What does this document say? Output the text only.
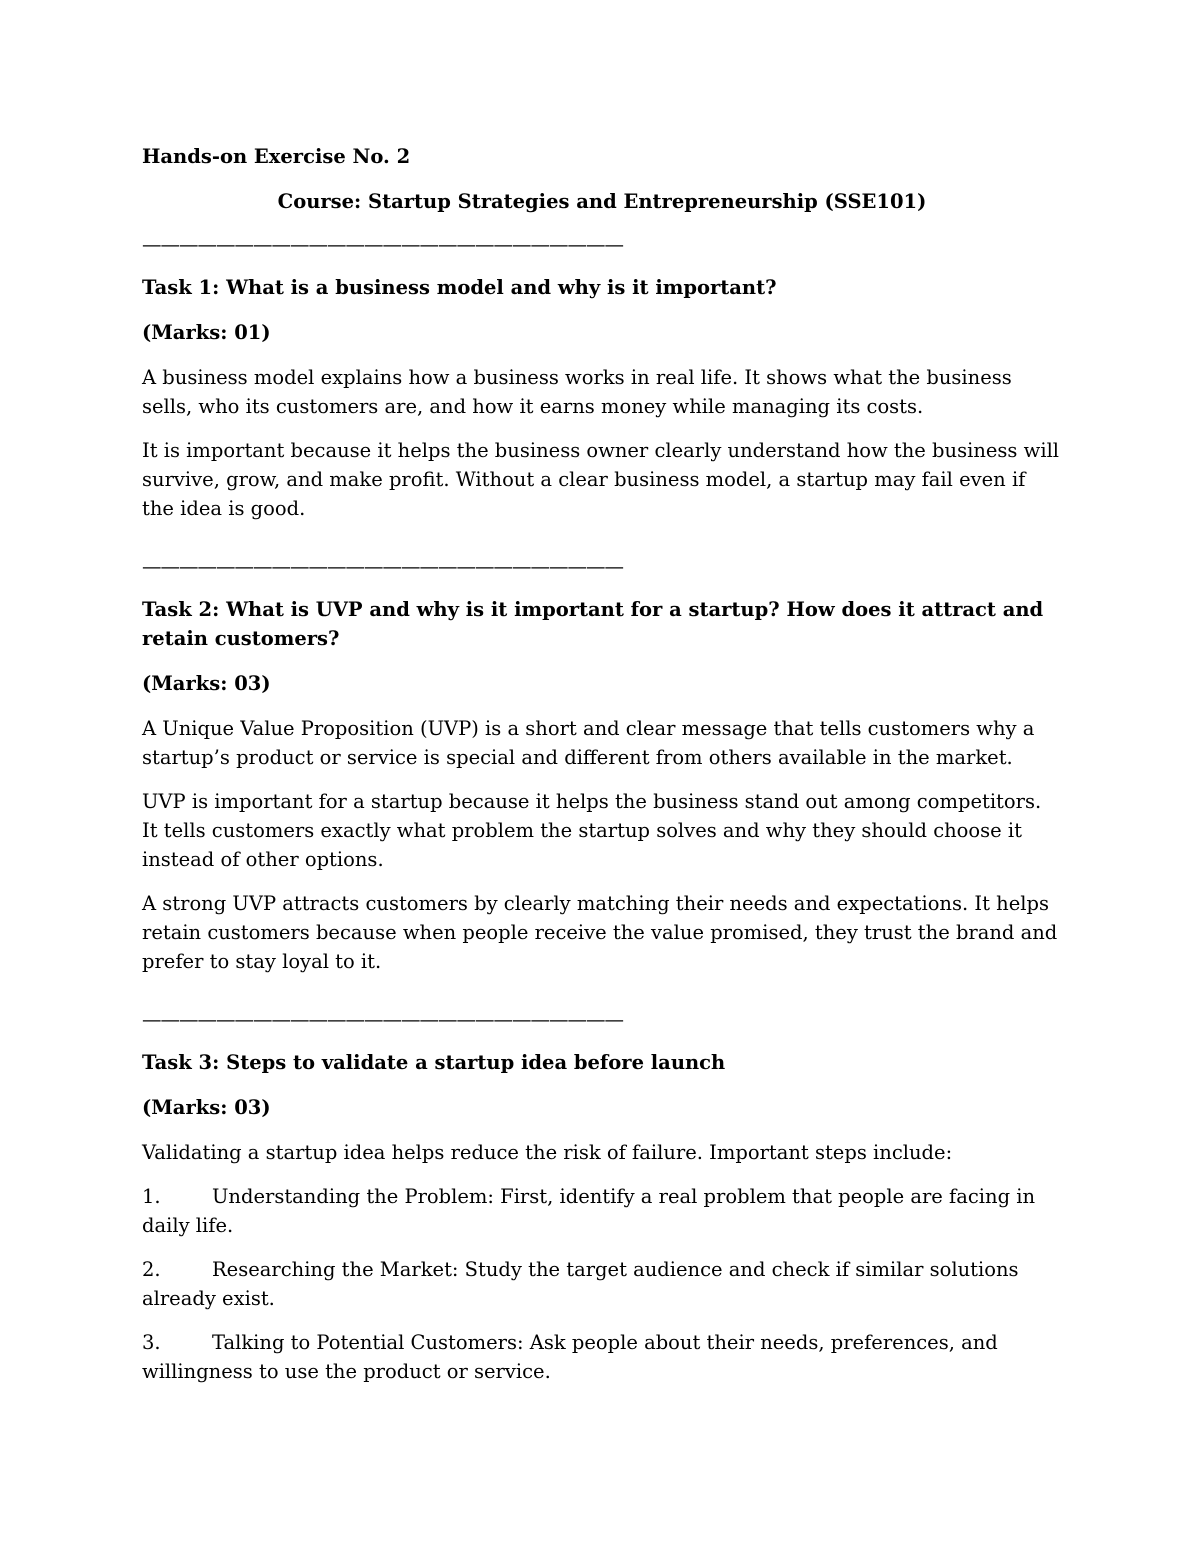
Hands-on Exercise No. 2

Course: Startup Strategies and Entrepreneurship (SSE101)

——————————————————————————

Task 1: What is a business model and why is it important?

(Marks: 01)

A business model explains how a business works in real life. It shows what the business sells, who its customers are, and how it earns money while managing its costs.

It is important because it helps the business owner clearly understand how the business will survive, grow, and make profit. Without a clear business model, a startup may fail even if the idea is good.

——————————————————————————

Task 2: What is UVP and why is it important for a startup? How does it attract and retain customers?

(Marks: 03)

A Unique Value Proposition (UVP) is a short and clear message that tells customers why a startup’s product or service is special and different from others available in the market.

UVP is important for a startup because it helps the business stand out among competitors. It tells customers exactly what problem the startup solves and why they should choose it instead of other options.

A strong UVP attracts customers by clearly matching their needs and expectations. It helps retain customers because when people receive the value promised, they trust the brand and prefer to stay loyal to it.

——————————————————————————

Task 3: Steps to validate a startup idea before launch

(Marks: 03)

Validating a startup idea helps reduce the risk of failure. Important steps include:

1.	Understanding the Problem: First, identify a real problem that people are facing in daily life.

2.	Researching the Market: Study the target audience and check if similar solutions already exist.

3.	Talking to Potential Customers: Ask people about their needs, preferences, and willingness to use the product or service.
